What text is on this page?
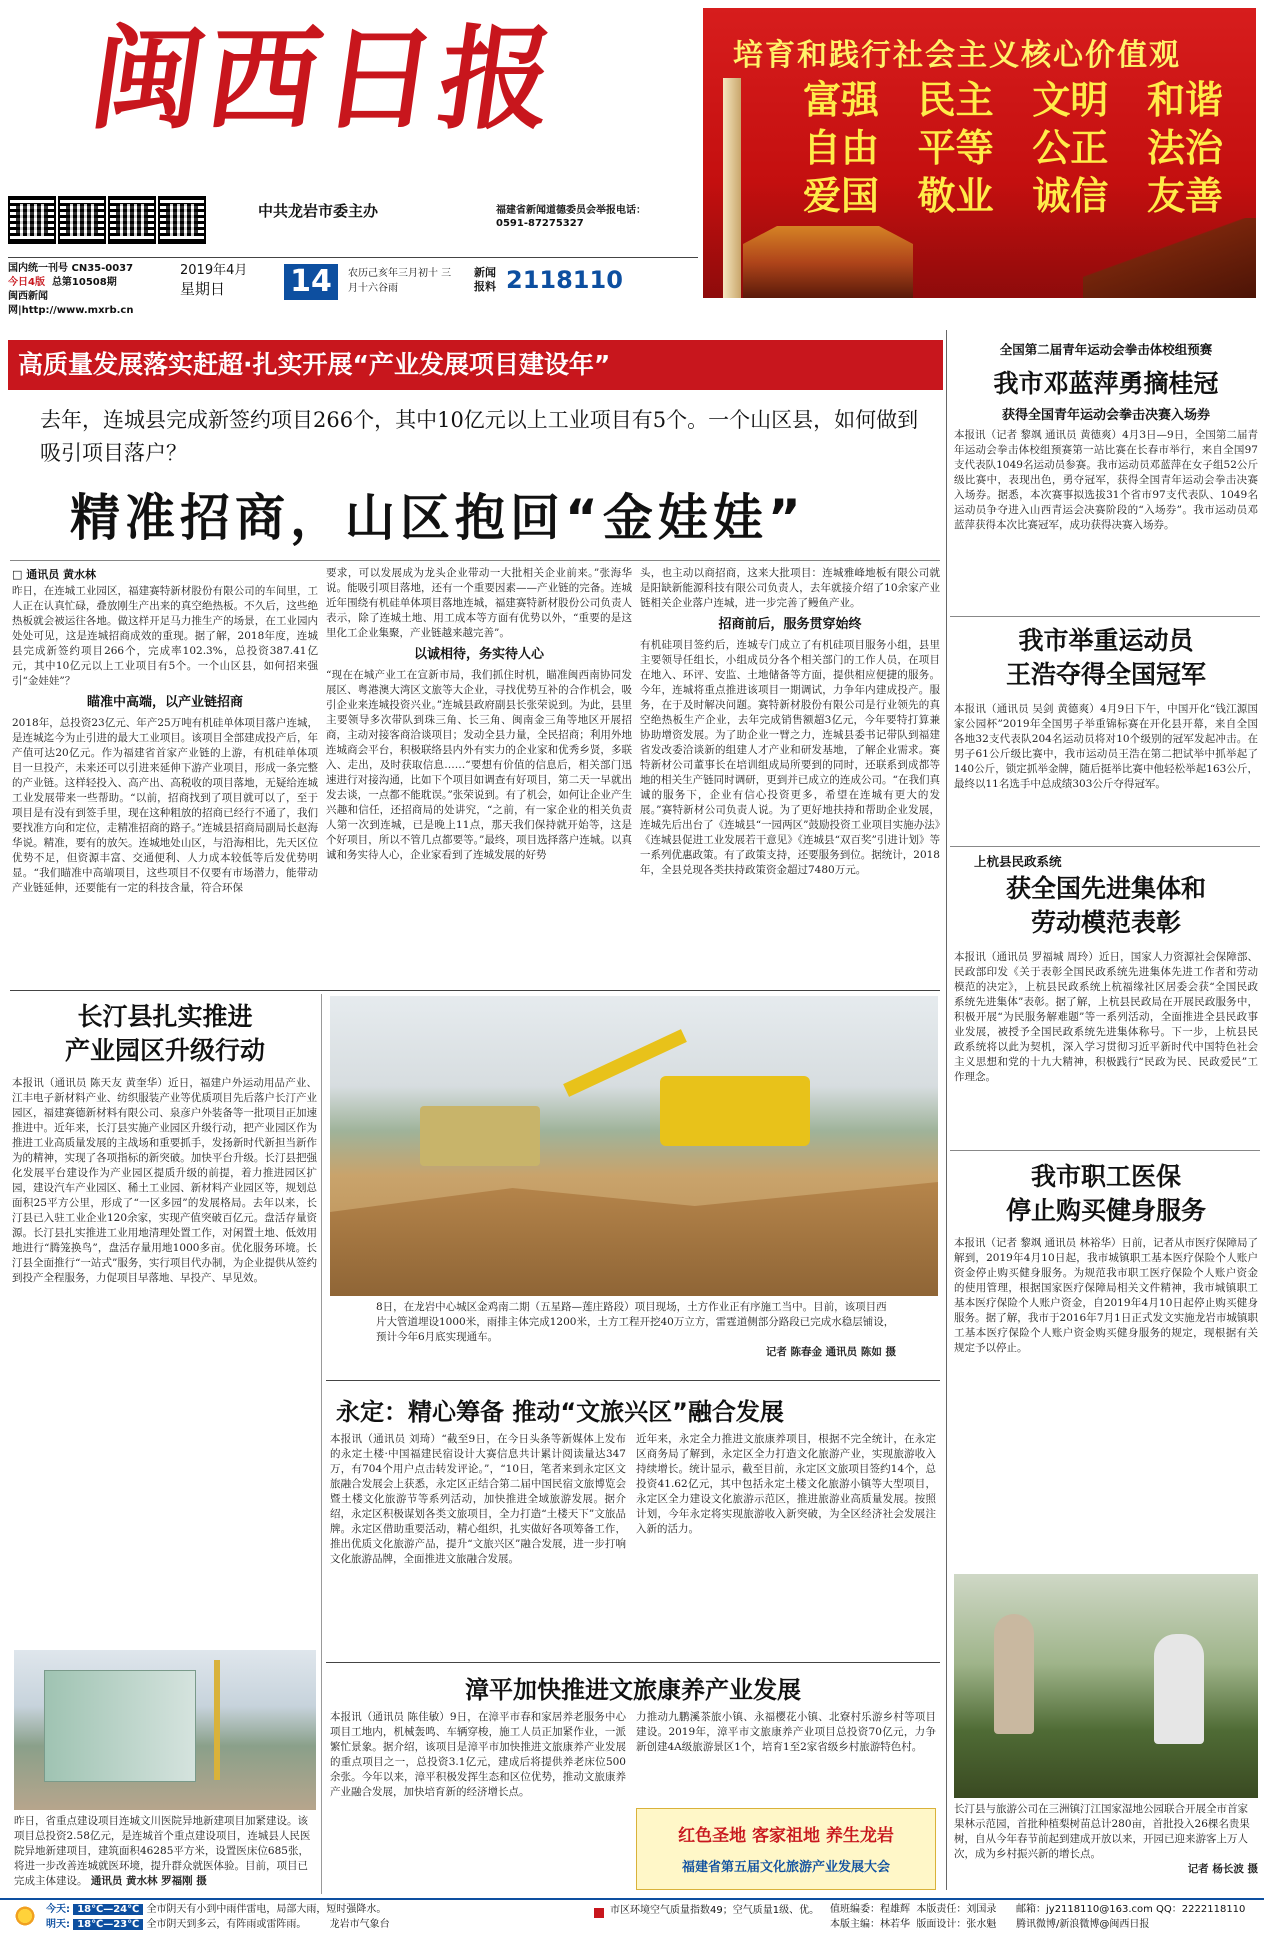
闽西日报
中共龙岩市委主办	福建省新闻道德委员会举报电话：0591-87275327
国内统一刊号 CN35-0037
今日4版 总第10508期
闽西新闻网|http://www.mxrb.cn
2019年4月
星期日	14	农历己亥年三月初十 三月十六谷雨
新闻报料 2118110
培育和践行社会主义核心价值观
富强 民主 文明 和谐
自由 平等 公正 法治
爱国 敬业 诚信 友善
高质量发展落实赶超·扎实开展“产业发展项目建设年”
去年，连城县完成新签约项目266个，其中10亿元以上工业项目有5个。一个山区县，如何做到吸引项目落户？
精准招商，山区抱回“金娃娃”
□ 通讯员 黄水林
昨日，在连城工业园区，福建赛特新材股份有限公司的车间里，工人正在认真忙碌，叠放刚生产出来的真空绝热板。不久后，这些绝热板就会被运往各地。做这样开足马力推生产的场景，在工业园内处处可见，这是连城招商成效的重现。据了解，2018年度，连城县完成新签约项目266个，完成率102.3%，总投资387.41亿元，其中10亿元以上工业项目有5个。一个山区县，如何招来强引“金娃娃”？
瞄准中高端，以产业链招商
2018年，总投资23亿元、年产25万吨有机硅单体项目落户连城，是连城迄今为止引进的最大工业项目。该项目全部建成投产后，年产值可达20亿元。作为福建省首家产业链的上游，有机硅单体项目一旦投产，未来还可以引进来延伸下游产业项目，形成一条完整的产业链。这样轻投入、高产出、高税收的项目落地，无疑给连城工业发展带来一些帮助。“以前，招商找到了项目就可以了，至于项目是有没有到签手里，现在这种粗放的招商已经行不通了，我们要找准方向和定位，走精准招商的路子。”连城县招商局副局长赵海华说。精准，要有的放矢。连城地处山区，与沿海相比，先天区位优势不足，但资源丰富、交通便利、人力成本较低等后发优势明显。“我们瞄准中高端项目，这些项目不仅要有市场潜力，能带动产业链延伸，还要能有一定的科技含量，符合环保
要求，可以发展成为龙头企业带动一大批相关企业前来。”张海华说。能吸引项目落地，还有一个重要因素——产业链的完备。连城近年围绕有机硅单体项目落地连城，福建赛特新材股份公司负责人表示，除了连城土地、用工成本等方面有优势以外，“重要的是这里化工企业集聚，产业链越来越完善”。
以诚相待，务实待人心
“现在在城产业工在宣新市局，我们抓住时机，瞄准闽西南协同发展区、粤港澳大湾区文旅等大企业，寻找优势互补的合作机会，吸引企业来连城投资兴业。”连城县政府副县长张荣说到。为此，县里主要领导多次带队到珠三角、长三角、闽南金三角等地区开展招商，主动对接客商洽谈项目；发动全县力量，全民招商；利用外地连城商会平台，积极联络县内外有实力的企业家和优秀乡贤，多联入、走出，及时获取信息……“要想有价值的信息后，相关部门迅速进行对接沟通，比如下个项目如调查有好项目，第二天一早就出发去谈，一点都不能耽误。”张荣说到。有了机会，如何让企业产生兴趣和信任，还招商局的处讲究，“之前，有一家企业的相关负责人第一次到连城，已是晚上11点，那天我们保持就开始等，这是个好项目，所以不管几点都要等。”最终，项目选择落户连城。以真诚和务实待人心，企业家看到了连城发展的好势
头，也主动以商招商，这来大批项目：连城雅峰地板有限公司就是阳缺新能源科技有限公司负责人，去年就接介绍了10余家产业链相关企业落户连城，进一步完善了鳗鱼产业。
招商前后，服务贯穿始终
有机硅项目签约后，连城专门成立了有机硅项目服务小组，县里主要领导任组长，小组成员分各个相关部门的工作人员，在项目在地入、环评、安监、土地储备等方面，提供相应便捷的服务。今年，连城将重点推进该项目一期调试，力争年内建成投产。服务，在于及时解决问题。赛特新材股份有限公司是行业领先的真空绝热板生产企业，去年完成销售额超3亿元，今年要特打算兼协助增资发展。为了助企业一臂之力，连城县委书记带队到福建省发改委洽谈新的组建人才产业和研发基地，了解企业需求。赛特新材公司董事长在培训组成局所要到的同时，还联系到成都等地的相关生产链同时调研，更到并已成立的连成公司。“在我们真诚的服务下，企业有信心投资更多，希望在连城有更大的发展。”赛特新材公司负责人说。为了更好地扶持和帮助企业发展，连城先后出台了《连城县“一园两区”鼓励投资工业项目实施办法》《连城县促进工业发展若干意见》《连城县“双百奖”引进计划》等一系列优惠政策。有了政策支持，还要服务到位。据统计，2018年，全县兑现各类扶持政策资金超过7480万元。
长汀县扎实推进
产业园区升级行动
本报讯（通讯员 陈天友 黄奎华）近日，福建户外运动用品产业、江丰电子新材料产业、纺织服装产业等优质项目先后落户长汀产业园区，福建赛德新材料有限公司、泉彦户外装备等一批项目正加速推进中。近年来，长汀县实施产业园区升级行动，把产业园区作为推进工业高质量发展的主战场和重要抓手，发扬新时代新担当新作为的精神，实现了各项指标的新突破。加快平台升级。长汀县把强化发展平台建设作为产业园区提质升级的前提，着力推进园区扩园，建设汽车产业园区、稀土工业园、新材料产业园区等，规划总面积25平方公里，形成了“一区多园”的发展格局。去年以来，长汀县已入驻工业企业120余家，实现产值突破百亿元。盘活存量资源。长汀县扎实推进工业用地清理处置工作，对闲置土地、低效用地进行“腾笼换鸟”，盘活存量用地1000多亩。优化服务环境。长汀县全面推行“一站式”服务，实行项目代办制，为企业提供从签约到投产全程服务，力促项目早落地、早投产、早见效。
昨日，省重点建设项目连城文川医院异地新建项目加紧建设。该项目总投资2.58亿元，是连城首个重点建设项目，连城县人民医院异地新建项目，建筑面积46285平方米，设置医床位685张，将进一步改善连城就医环境，提升群众就医体验。目前，项目已完成主体建设。 通讯员 黄水林 罗福刚 摄
8日，在龙岩中心城区金鸡南二期（五星路—莲庄路段）项目现场，土方作业正有序施工当中。目前，该项目西片大管道埋设1000米，雨排主体完成1200米，土方工程开挖40万立方，雷霆道侧部分路段已完成水稳层铺设，预计今年6月底实现通车。
记者 陈春金 通讯员 陈如 摄
永定：精心筹备 推动“文旅兴区”融合发展
本报讯（通讯员 刘琦）“截至9日，在今日头条等新媒体上发布的永定土楼·中国福建民宿设计大赛信息共计累计阅读量达347万，有704个用户点击转发评论。”，“10日，笔者来到永定区文旅融合发展会上获悉，永定区正结合第二届中国民宿文旅博览会暨土楼文化旅游节等系列活动，加快推进全域旅游发展。据介绍，永定区积极谋划各类文旅项目，全力打造“土楼天下”文旅品牌。永定区借助重要活动，精心组织，扎实做好各项筹备工作，推出优质文化旅游产品，提升“文旅兴区”融合发展，进一步打响文化旅游品牌，全面推进文旅融合发展。
近年来，永定全力推进文旅康养项目，根据不完全统计，在永定区商务局了解到，永定区全力打造文化旅游产业，实现旅游收入持续增长。统计显示，截至目前，永定区文旅项目签约14个，总投资41.62亿元，其中包括永定土楼文化旅游小镇等大型项目，永定区全力建设文化旅游示范区，推进旅游业高质量发展。按照计划，今年永定将实现旅游收入新突破，为全区经济社会发展注入新的活力。
漳平加快推进文旅康养产业发展
本报讯（通讯员 陈佳敏）9日，在漳平市春和家居养老服务中心项目工地内，机械轰鸣、车辆穿梭，施工人员正加紧作业，一派繁忙景象。据介绍，该项目是漳平市加快推进文旅康养产业发展的重点项目之一，总投资3.1亿元，建成后将提供养老床位500余张。今年以来，漳平积极发挥生态和区位优势，推动文旅康养产业融合发展，加快培育新的经济增长点。
力推动九鹏溪茶旅小镇、永福樱花小镇、北寮村乐游乡村等项目建设。2019年，漳平市文旅康养产业项目总投资70亿元，力争新创建4A级旅游景区1个，培育1至2家省级乡村旅游特色村。
红色圣地 客家祖地 养生龙岩
福建省第五届文化旅游产业发展大会
全国第二届青年运动会拳击体校组预赛
我市邓蓝萍勇摘桂冠
获得全国青年运动会拳击决赛入场券
本报讯（记者 黎飒 通讯员 黄德爽）4月3日—9日，全国第二届青年运动会拳击体校组预赛第一站比赛在长春市举行，来自全国97支代表队1049名运动员参赛。我市运动员邓蓝萍在女子组52公斤级比赛中，表现出色，勇夺冠军，获得全国青年运动会拳击决赛入场券。据悉，本次赛事拟选拔31个省市97支代表队、1049名运动员争夺进入山西青运会决赛阶段的“入场券”。我市运动员邓蓝萍获得本次比赛冠军，成功获得决赛入场券。
我市举重运动员
王浩夺得全国冠军
本报讯（通讯员 吴剑 黄德爽）4月9日下午，中国开化“钱江源国家公园杯”2019年全国男子举重锦标赛在开化县开幕，来自全国各地32支代表队204名运动员将对10个级别的冠军发起冲击。在男子61公斤级比赛中，我市运动员王浩在第二把试举中抓举起了140公斤，锁定抓举金牌，随后挺举比赛中他轻松举起163公斤，最终以11名选手中总成绩303公斤夺得冠军。
上杭县民政系统
获全国先进集体和
劳动模范表彰
本报讯（通讯员 罗福城 周玲）近日，国家人力资源社会保障部、民政部印发《关于表彰全国民政系统先进集体先进工作者和劳动模范的决定》，上杭县民政系统上杭福缘社区居委会获“全国民政系统先进集体”表彰。据了解，上杭县民政局在开展民政服务中，积极开展“为民服务解难题”等一系列活动，全面推进全县民政事业发展，被授予全国民政系统先进集体称号。下一步，上杭县民政系统将以此为契机，深入学习贯彻习近平新时代中国特色社会主义思想和党的十九大精神，积极践行“民政为民、民政爱民”工作理念。
我市职工医保
停止购买健身服务
本报讯（记者 黎飒 通讯员 林裕华）日前，记者从市医疗保障局了解到，2019年4月10日起，我市城镇职工基本医疗保险个人账户资金停止购买健身服务。为规范我市职工医疗保险个人账户资金的使用管理，根据国家医疗保障局相关文件精神，我市城镇职工基本医疗保险个人账户资金，自2019年4月10日起停止购买健身服务。据了解，我市于2016年7月1日正式发文实施龙岩市城镇职工基本医疗保险个人账户资金购买健身服务的规定，现根据有关规定予以停止。
长汀县与旅游公司在三洲镇汀江国家湿地公园联合开展全市首家果林示范园，首批种植梨树苗总计280亩，首批投入26棵名贵果树，自从今年春节前起到建成开放以来，开园已迎来游客上万人次，成为乡村振兴新的增长点。
记者 杨长波 摄
今天: 18℃—24℃ 全市阴天有小到中雨伴雷电，局部大雨，短时强降水。
明天: 18℃—23℃ 全市阴天到多云，有阵雨或雷阵雨。 龙岩市气象台
市区环境空气质量指数49；空气质量1级、优。	值班编委：程雄辉 本版责任：刘国录
本版主编：林若华 版面设计：张水魁
邮箱：jy2118110@163.com QQ：2222118110
腾讯微博/新浪微博@闽西日报
